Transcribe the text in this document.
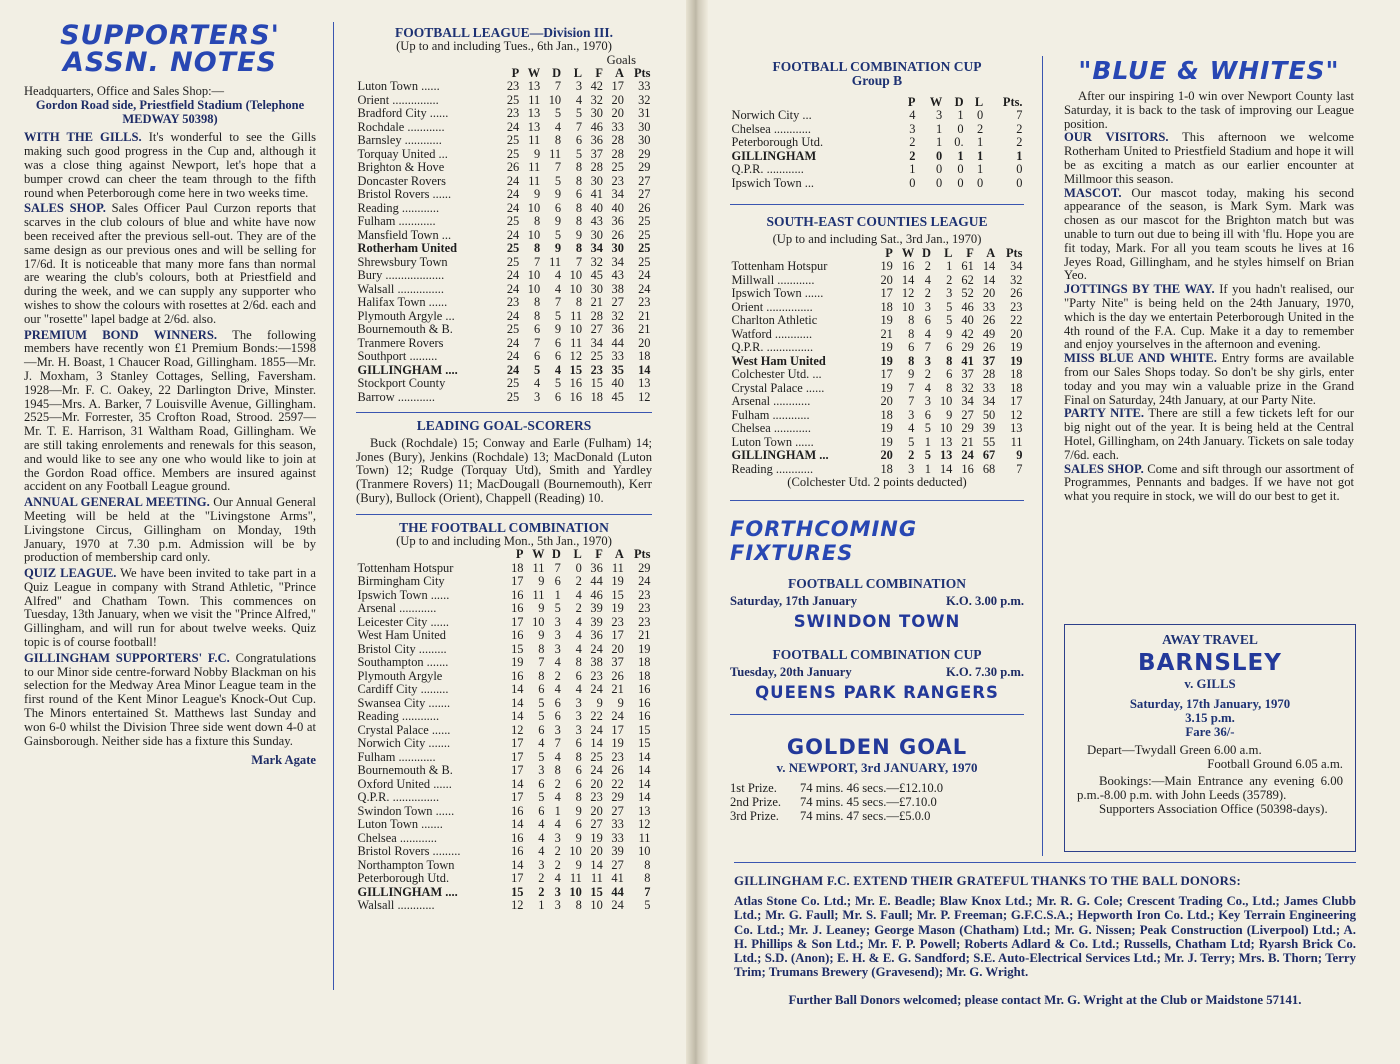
SUPPORTERS'
ASSN. NOTES

Headquarters, Office and Sales Shop:—

Gordon Road side, Priestfield Stadium (Telephone MEDWAY 50398)

WITH THE GILLS. It's wonderful to see the Gills making such good progress in the Cup and, although it was a close thing against Newport, let's hope that a bumper crowd can cheer the team through to the fifth round when Peterborough come here in two weeks time.

SALES SHOP. Sales Officer Paul Curzon reports that scarves in the club colours of blue and white have now been received after the previous sell-out. They are of the same design as our previous ones and will be selling for 17/6d. It is noticeable that many more fans than normal are wearing the club's colours, both at Priestfield and during the week, and we can supply any supporter who wishes to show the colours with rosettes at 2/6d. each and our "rosette" lapel badge at 2/6d. also.

PREMIUM BOND WINNERS. The following members have recently won £1 Premium Bonds:—1598—Mr. H. Boast, 1 Chaucer Road, Gillingham. 1855—Mr. J. Moxham, 3 Stanley Cottages, Selling, Faversham. 1928—Mr. F. C. Oakey, 22 Darlington Drive, Minster. 1945—Mrs. A. Barker, 7 Louisville Avenue, Gillingham. 2525—Mr. Forrester, 35 Crofton Road, Strood. 2597—Mr. T. E. Harrison, 31 Waltham Road, Gillingham. We are still taking enrolements and renewals for this season, and would like to see any one who would like to join at the Gordon Road office. Members are insured against accident on any Football League ground.

ANNUAL GENERAL MEETING. Our Annual General Meeting will be held at the "Livingstone Arms", Livingstone Circus, Gillingham on Monday, 19th January, 1970 at 7.30 p.m. Admission will be by production of membership card only.

QUIZ LEAGUE. We have been invited to take part in a Quiz League in company with Strand Athletic, "Prince Alfred" and Chatham Town. This commences on Tuesday, 13th January, when we visit the "Prince Alfred," Gillingham, and will run for about twelve weeks. Quiz topic is of course football!

GILLINGHAM SUPPORTERS' F.C. Congratulations to our Minor side centre-forward Nobby Blackman on his selection for the Medway Area Minor League team in the first round of the Kent Minor League's Knock-Out Cup. The Minors entertained St. Matthews last Sunday and won 6-0 whilst the Division Three side went down 4-0 at Gainsborough. Neither side has a fixture this Sunday.

Mark Agate
FOOTBALL LEAGUE—Division III.
(Up to and including Tues., 6th Jan., 1970)
Goals
	P	W	D	L	F	A	Pts
Luton Town ......	23	13	7	3	42	17	33
Orient ...............	25	11	10	4	32	20	32
Bradford City ......	23	13	5	5	30	20	31
Rochdale ............	24	13	4	7	46	33	30
Barnsley ............	25	11	8	6	36	28	30
Torquay United ...	25	9	11	5	37	28	29
Brighton & Hove	26	11	7	8	28	25	29
Doncaster Rovers	24	11	5	8	30	23	27
Bristol Rovers ......	24	9	9	6	41	34	27
Reading ............	24	10	6	8	40	40	26
Fulham ............	25	8	9	8	43	36	25
Mansfield Town ...	24	10	5	9	30	26	25
Rotherham United	25	8	9	8	34	30	25
Shrewsbury Town	25	7	11	7	32	34	25
Bury ...................	24	10	4	10	45	43	24
Walsall ...............	24	10	4	10	30	38	24
Halifax Town ......	23	8	7	8	21	27	23
Plymouth Argyle ...	24	8	5	11	28	32	21
Bournemouth & B.	25	6	9	10	27	36	21
Tranmere Rovers	24	7	6	11	34	44	20
Southport .........	24	6	6	12	25	33	18
GILLINGHAM ....	24	5	4	15	23	35	14
Stockport County	25	4	5	16	15	40	13
Barrow ............	25	3	6	16	18	45	12
LEADING GOAL-SCORERS

Buck (Rochdale) 15; Conway and Earle (Fulham) 14; Jones (Bury), Jenkins (Rochdale) 13; MacDonald (Luton Town) 12; Rudge (Torquay Utd), Smith and Yardley (Tranmere Rovers) 11; MacDougall (Bournemouth), Kerr (Bury), Bullock (Orient), Chappell (Reading) 10.

THE FOOTBALL COMBINATION
(Up to and including Mon., 5th Jan., 1970)
	P	W	D	L	F	A	Pts
Tottenham Hotspur	18	11	7	0	36	11	29
Birmingham City	17	9	6	2	44	19	24
Ipswich Town ......	16	11	1	4	46	15	23
Arsenal ............	16	9	5	2	39	19	23
Leicester City ......	17	10	3	4	39	23	23
West Ham United	16	9	3	4	36	17	21
Bristol City .........	15	8	3	4	24	20	19
Southampton .......	19	7	4	8	38	37	18
Plymouth Argyle	16	8	2	6	23	26	18
Cardiff City .........	14	6	4	4	24	21	16
Swansea City .......	14	5	6	3	9	9	16
Reading ............	14	5	6	3	22	24	16
Crystal Palace ......	12	6	3	3	24	17	15
Norwich City .......	17	4	7	6	14	19	15
Fulham ............	17	5	4	8	25	23	14
Bournemouth & B.	17	3	8	6	24	26	14
Oxford United ......	14	6	2	6	20	22	14
Q.P.R. ...............	17	5	4	8	23	29	14
Swindon Town ......	16	6	1	9	20	27	13
Luton Town .......	14	4	4	6	27	33	12
Chelsea ............	16	4	3	9	19	33	11
Bristol Rovers .........	16	4	2	10	20	39	10
Northampton Town	14	3	2	9	14	27	8
Peterborough Utd.	17	2	4	11	11	41	8
GILLINGHAM ....	15	2	3	10	15	44	7
Walsall ............	12	1	3	8	10	24	5
FOOTBALL COMBINATION CUP
Group B
	P	W	D	L	Pts.
Norwich City ...	4	3	1	0	7
Chelsea ............	3	1	0	2	2
Peterborough Utd.	2	1	0.	1	2
GILLINGHAM	2	0	1	1	1
Q.P.R. ............	1	0	0	1	0
Ipswich Town ...	0	0	0	0	0
SOUTH-EAST COUNTIES LEAGUE
(Up to and including Sat., 3rd Jan., 1970)
	P	W	D	L	F	A	Pts
Tottenham Hotspur	19	16	2	1	61	14	34
Millwall ............	20	14	4	2	62	14	32
Ipswich Town ......	17	12	2	3	52	20	26
Orient ...............	18	10	3	5	46	33	23
Charlton Athletic	19	8	6	5	40	26	22
Watford ............	21	8	4	9	42	49	20
Q.P.R. ...............	19	6	7	6	29	26	19
West Ham United	19	8	3	8	41	37	19
Colchester Utd. ...	17	9	2	6	37	28	18
Crystal Palace ......	19	7	4	8	32	33	18
Arsenal ............	20	7	3	10	34	34	17
Fulham ............	18	3	6	9	27	50	12
Chelsea ............	19	4	5	10	29	39	13
Luton Town ......	19	5	1	13	21	55	11
GILLINGHAM ...	20	2	5	13	24	67	9
Reading ............	18	3	1	14	16	68	7
(Colchester Utd. 2 points deducted)
FORTHCOMING FIXTURES
FOOTBALL COMBINATION
Saturday, 17th January	K.O. 3.00 p.m.
SWINDON TOWN
FOOTBALL COMBINATION CUP
Tuesday, 20th January	K.O. 7.30 p.m.
QUEENS PARK RANGERS
GOLDEN GOAL
v. NEWPORT, 3rd JANUARY, 1970
1st Prize.	74 mins. 46 secs.—£12.10.0
2nd Prize.	74 mins. 45 secs.—£7.10.0
3rd Prize.	74 mins. 47 secs.—£5.0.0
"BLUE & WHITES"

After our inspiring 1-0 win over Newport County last Saturday, it is back to the task of improving our League position.

OUR VISITORS. This afternoon we welcome Rotherham United to Priestfield Stadium and hope it will be as exciting a match as our earlier encounter at Millmoor this season.

MASCOT. Our mascot today, making his second appearance of the season, is Mark Sym. Mark was chosen as our mascot for the Brighton match but was unable to turn out due to being ill with 'flu. Hope you are fit today, Mark. For all you team scouts he lives at 16 Jeyes Road, Gillingham, and he styles himself on Brian Yeo.

JOTTINGS BY THE WAY. If you hadn't realised, our "Party Nite" is being held on the 24th January, 1970, which is the day we entertain Peterborough United in the 4th round of the F.A. Cup. Make it a day to remember and enjoy yourselves in the afternoon and evening.

MISS BLUE AND WHITE. Entry forms are available from our Sales Shops today. So don't be shy girls, enter today and you may win a valuable prize in the Grand Final on Saturday, 24th January, at our Party Nite.

PARTY NITE. There are still a few tickets left for our big night out of the year. It is being held at the Central Hotel, Gillingham, on 24th January. Tickets on sale today 7/6d. each.

SALES SHOP. Come and sift through our assortment of Programmes, Pennants and badges. If we have not got what you require in stock, we will do our best to get it.

AWAY TRAVEL
BARNSLEY
v. GILLS
Saturday, 17th January, 1970
3.15 p.m.
Fare 36/-
Depart—Twydall Green 6.00 a.m.
Football Ground 6.05 a.m.

Bookings:—Main Entrance any evening 6.00 p.m.-8.00 p.m. with John Leeds (35789).

Supporters Association Office (50398-days).

GILLINGHAM F.C. EXTEND THEIR GRATEFUL THANKS TO THE BALL DONORS:

Atlas Stone Co. Ltd.; Mr. E. Beadle; Blaw Knox Ltd.; Mr. R. G. Cole; Crescent Trading Co., Ltd.; James Clubb Ltd.; Mr. G. Faull; Mr. S. Faull; Mr. P. Freeman; G.F.C.S.A.; Hepworth Iron Co. Ltd.; Key Terrain Engineering Co. Ltd.; Mr. J. Leaney; George Mason (Chatham) Ltd.; Mr. G. Nissen; Peak Construction (Liverpool) Ltd.; A. H. Phillips & Son Ltd.; Mr. F. P. Powell; Roberts Adlard & Co. Ltd.; Russells, Chatham Ltd; Ryarsh Brick Co. Ltd.; S.D. (Anon); E. H. & E. G. Sandford; S.E. Auto-Electrical Services Ltd.; Mr. J. Terry; Mrs. B. Thorn; Terry Trim; Trumans Brewery (Gravesend); Mr. G. Wright.

Further Ball Donors welcomed; please contact Mr. G. Wright at the Club or Maidstone 57141.
